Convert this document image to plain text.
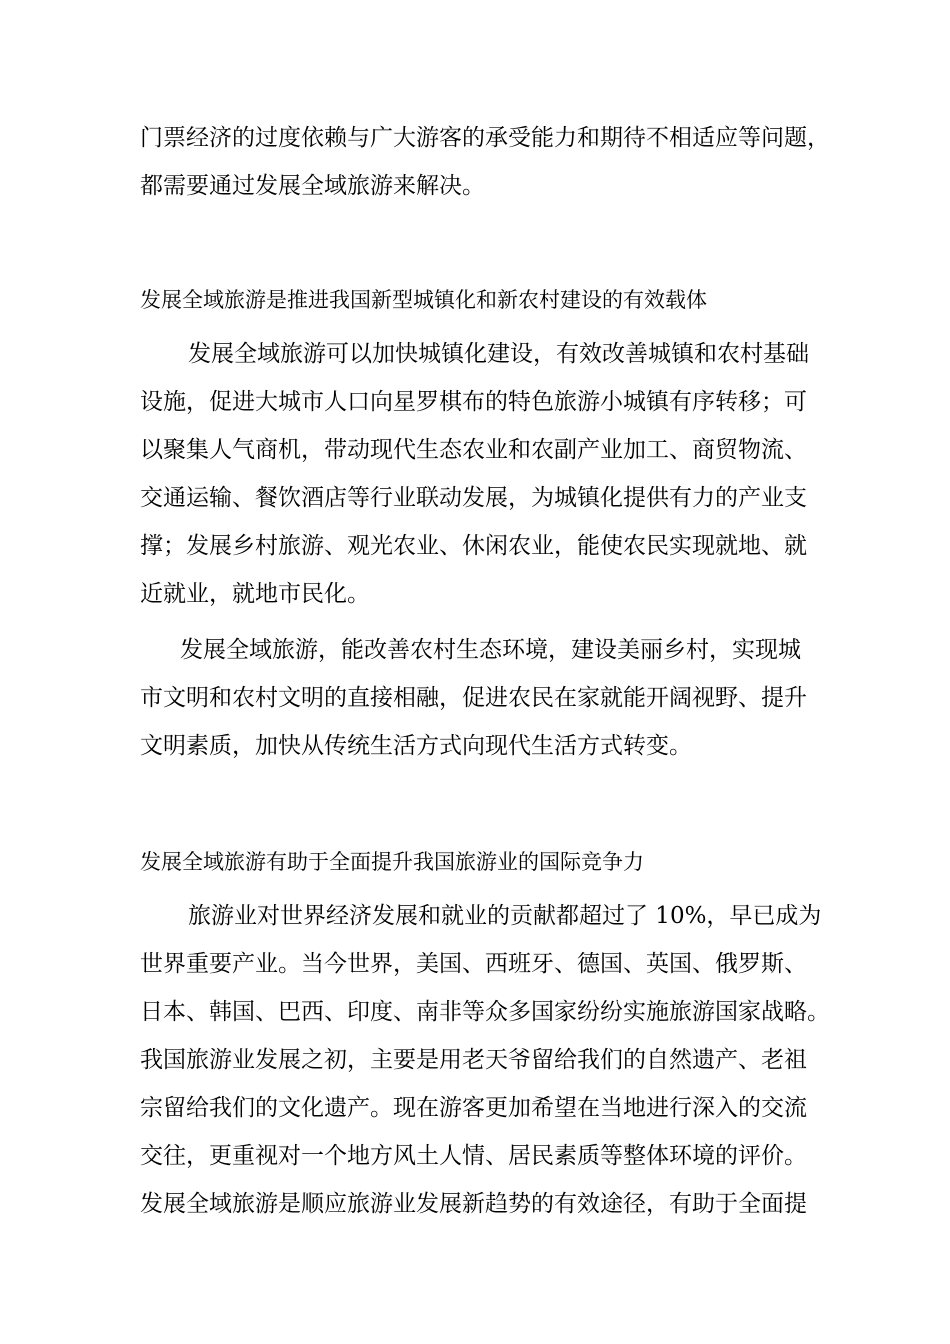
门票经济的过度依赖与广大游客的承受能力和期待不相适应等问题，
都需要通过发展全域旅游来解决。
发展全域旅游是推进我国新型城镇化和新农村建设的有效载体
发展全域旅游可以加快城镇化建设，有效改善城镇和农村基础
设施，促进大城市人口向星罗棋布的特色旅游小城镇有序转移；可
以聚集人气商机，带动现代生态农业和农副产业加工、商贸物流、
交通运输、餐饮酒店等行业联动发展，为城镇化提供有力的产业支
撑；发展乡村旅游、观光农业、休闲农业，能使农民实现就地、就
近就业，就地市民化。
发展全域旅游，能改善农村生态环境，建设美丽乡村，实现城
市文明和农村文明的直接相融，促进农民在家就能开阔视野、提升
文明素质，加快从传统生活方式向现代生活方式转变。
发展全域旅游有助于全面提升我国旅游业的国际竞争力
旅游业对世界经济发展和就业的贡献都超过了 10%，早已成为
世界重要产业。当今世界，美国、西班牙、德国、英国、俄罗斯、
日本、韩国、巴西、印度、南非等众多国家纷纷实施旅游国家战略。
我国旅游业发展之初，主要是用老天爷留给我们的自然遗产、老祖
宗留给我们的文化遗产。现在游客更加希望在当地进行深入的交流
交往，更重视对一个地方风土人情、居民素质等整体环境的评价。
发展全域旅游是顺应旅游业发展新趋势的有效途径，有助于全面提
